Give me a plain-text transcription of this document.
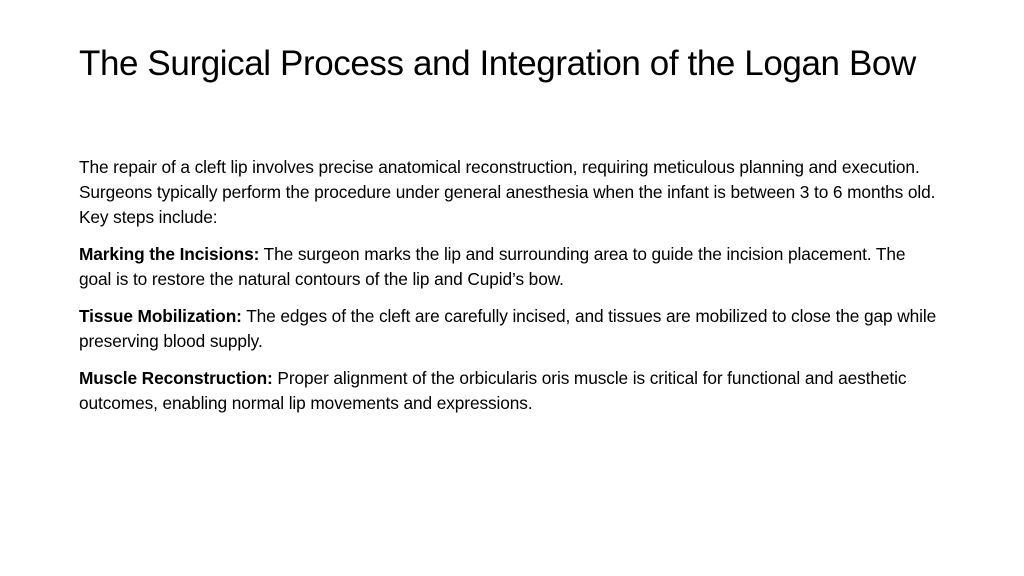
The Surgical Process and Integration of the Logan Bow

The repair of a cleft lip involves precise anatomical reconstruction, requiring meticulous planning and execution. Surgeons typically perform the procedure under general anesthesia when the infant is between 3 to 6 months old. Key steps include:

Marking the Incisions: The surgeon marks the lip and surrounding area to guide the incision placement. The goal is to restore the natural contours of the lip and Cupid’s bow.

Tissue Mobilization: The edges of the cleft are carefully incised, and tissues are mobilized to close the gap while preserving blood supply.

Muscle Reconstruction: Proper alignment of the orbicularis oris muscle is critical for functional and aesthetic outcomes, enabling normal lip movements and expressions.
